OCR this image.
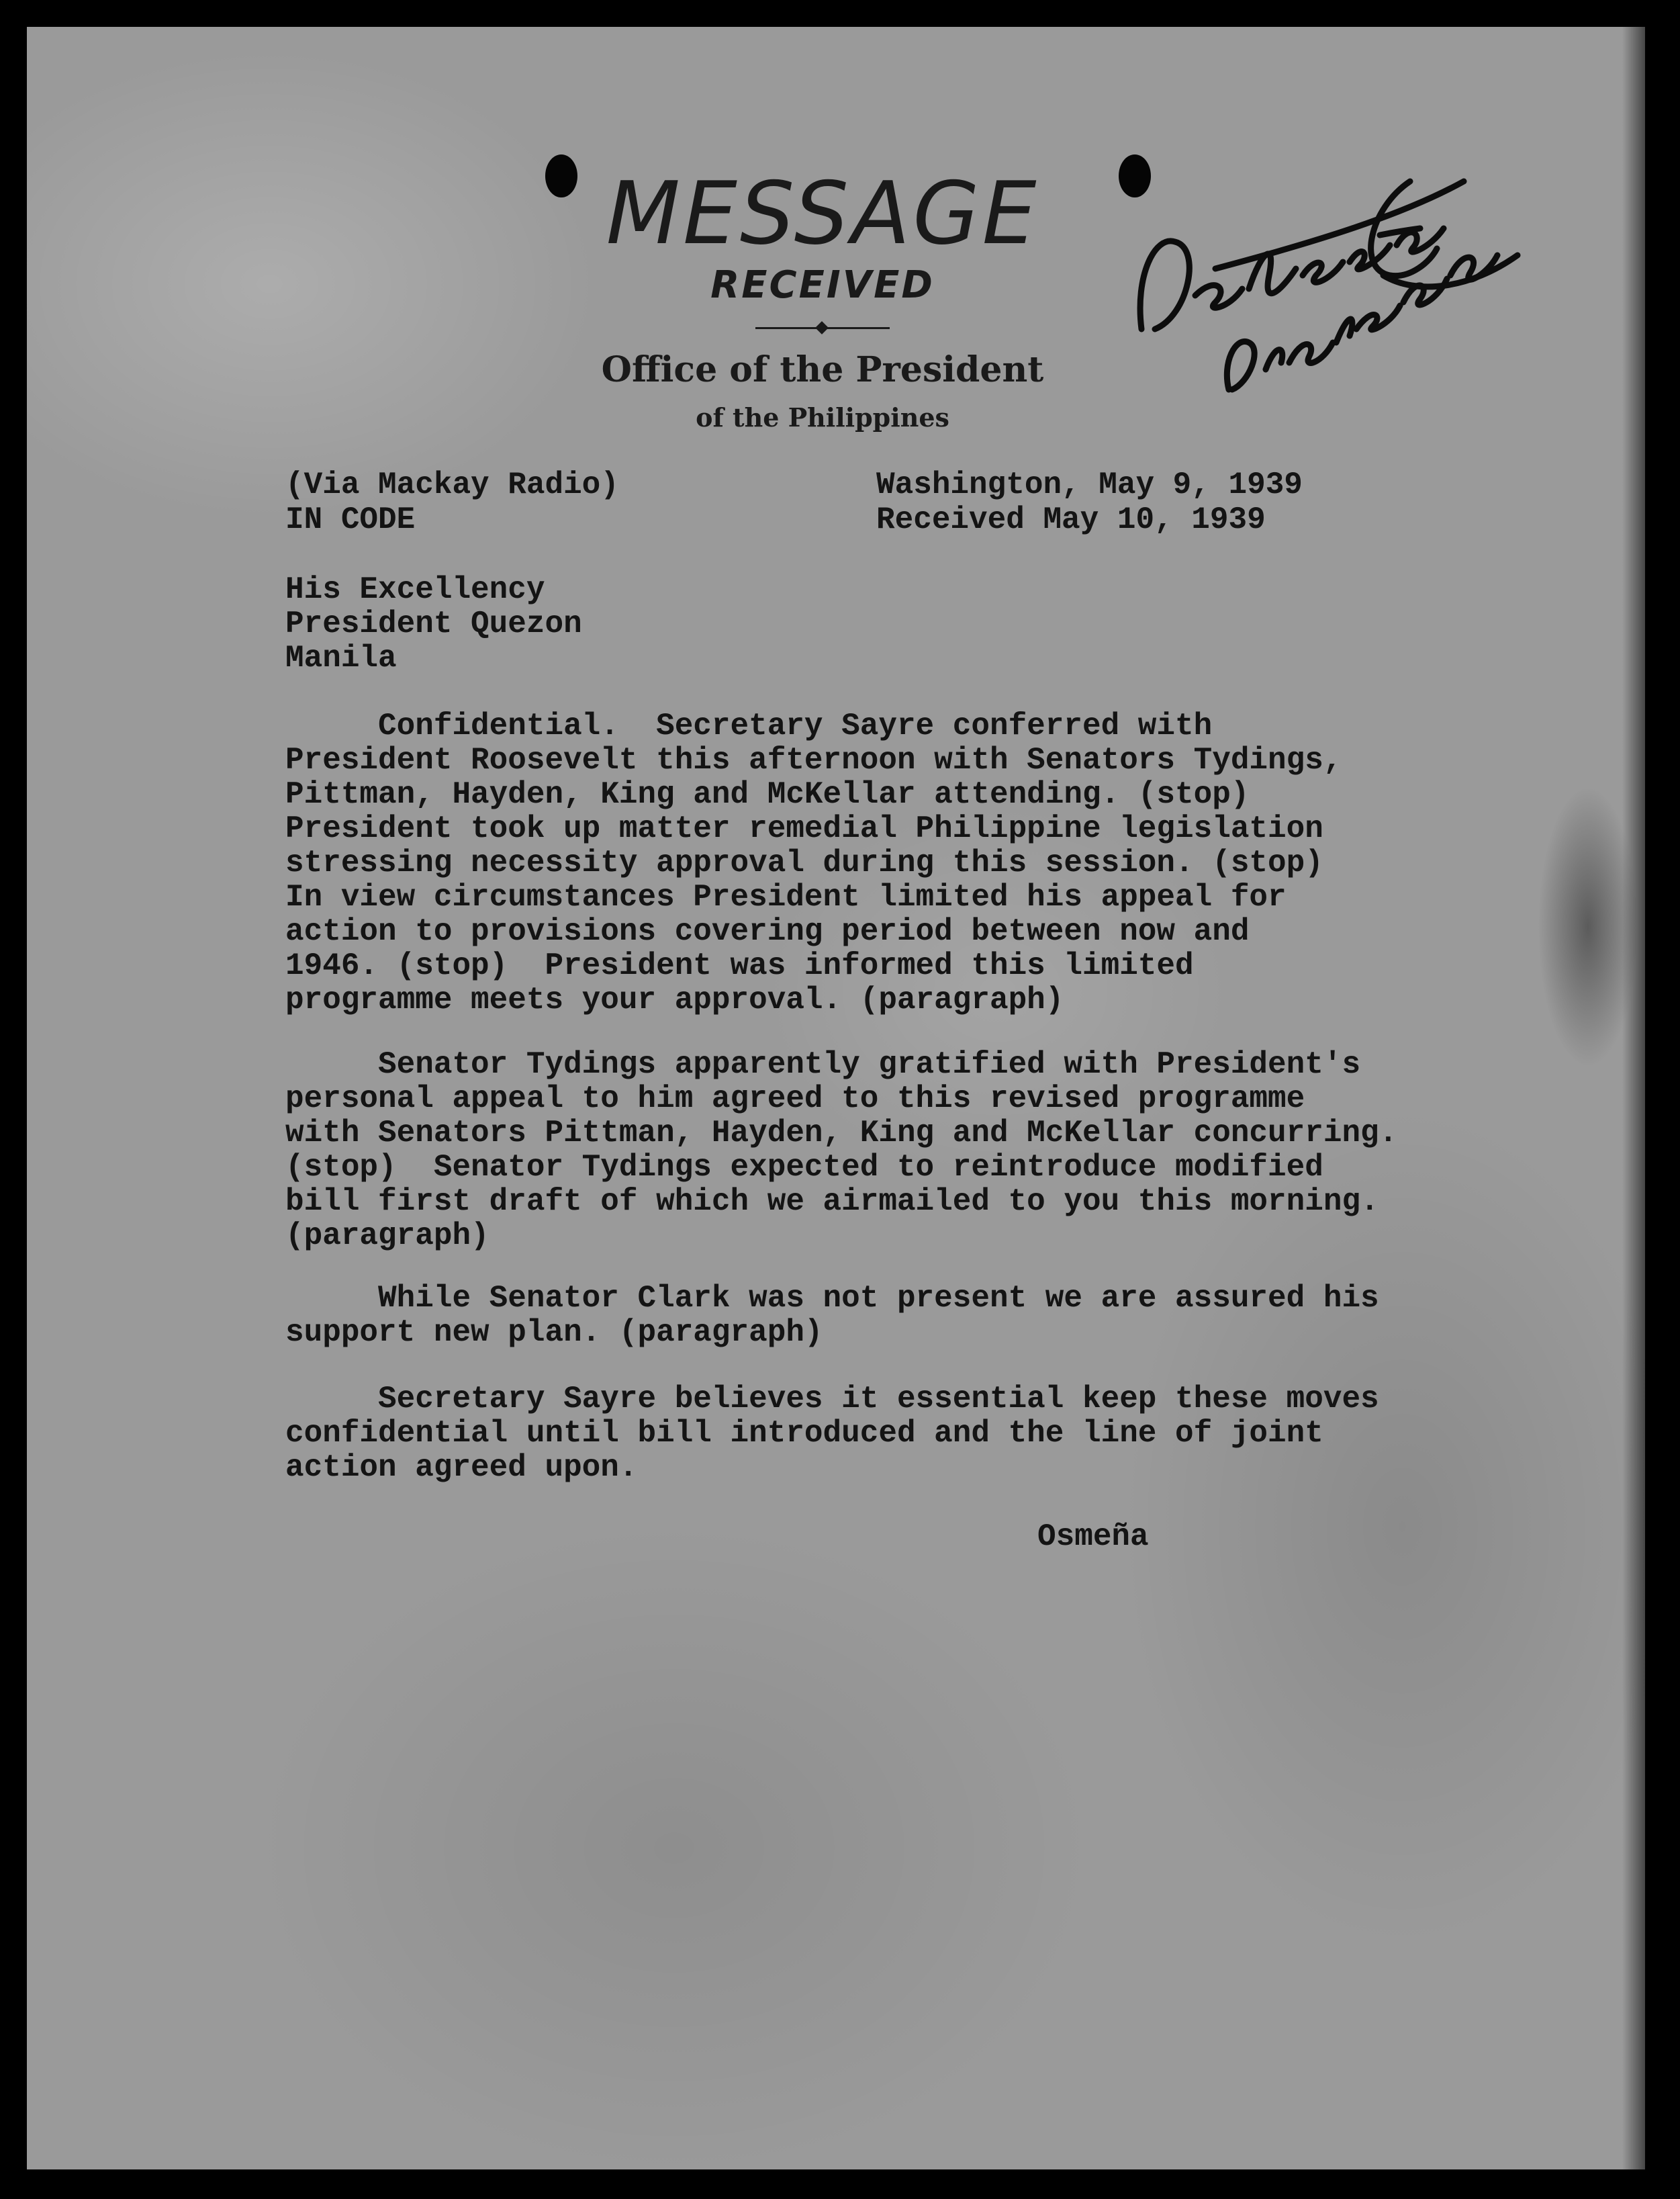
MESSAGE
RECEIVED
Office of the President
of the Philippines
(Via Mackay Radio)
IN CODE
Washington, May 9, 1939
Received May 10, 1939
His Excellency
President Quezon
Manila
Confidential.  Secretary Sayre conferred with
President Roosevelt this afternoon with Senators Tydings,
Pittman, Hayden, King and McKellar attending. (stop)
President took up matter remedial Philippine legislation
stressing necessity approval during this session. (stop)
In view circumstances President limited his appeal for
action to provisions covering period between now and
1946. (stop)  President was informed this limited
programme meets your approval. (paragraph)
Senator Tydings apparently gratified with President's
personal appeal to him agreed to this revised programme
with Senators Pittman, Hayden, King and McKellar concurring.
(stop)  Senator Tydings expected to reintroduce modified
bill first draft of which we airmailed to you this morning.
(paragraph)
While Senator Clark was not present we are assured his
support new plan. (paragraph)
Secretary Sayre believes it essential keep these moves
confidential until bill introduced and the line of joint
action agreed upon.
Osmeña
